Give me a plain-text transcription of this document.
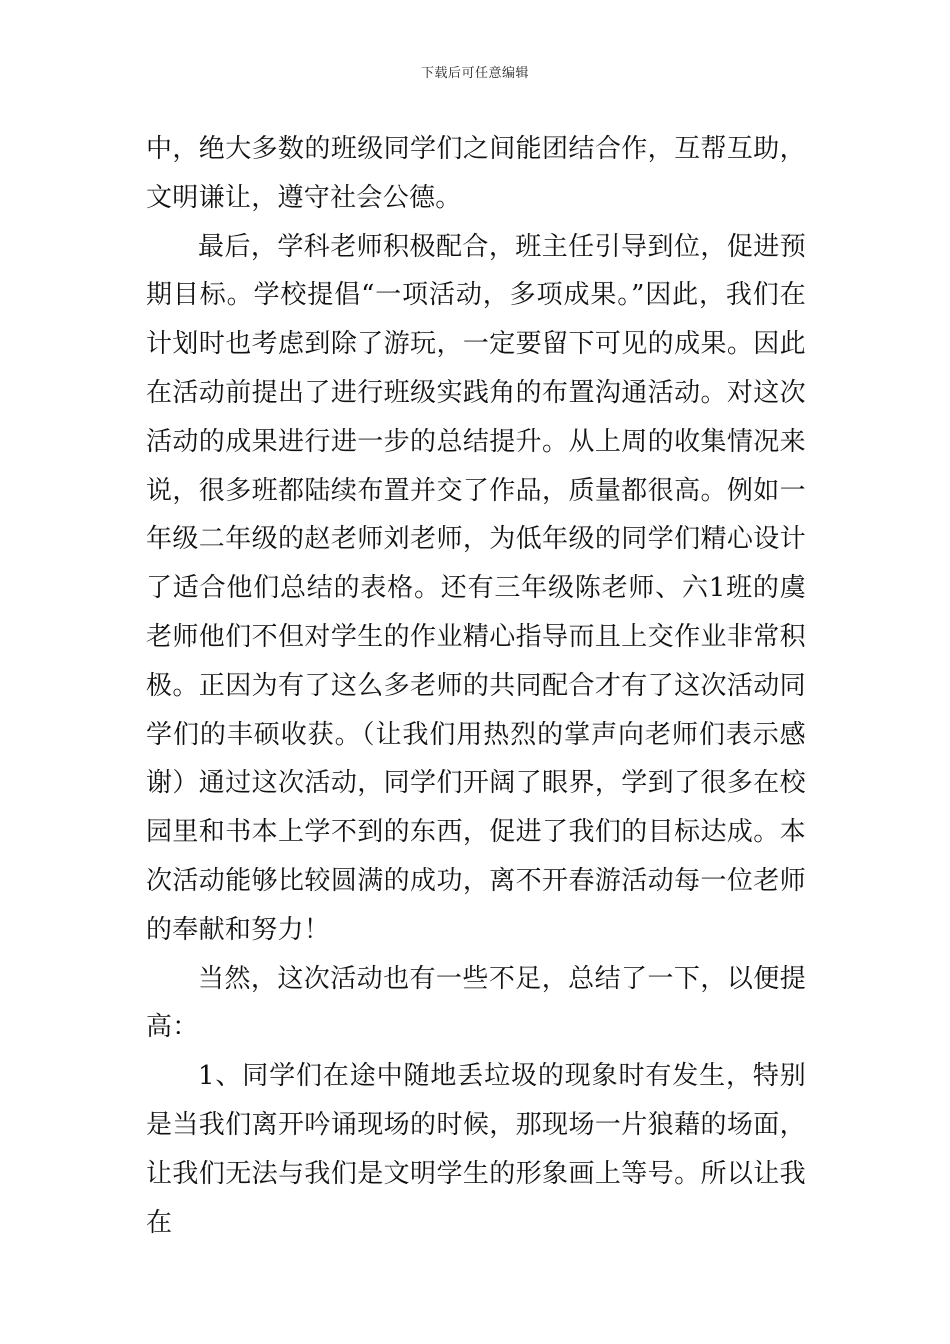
下载后可任意编辑

中，绝大多数的班级同学们之间能团结合作，互帮互助，文明谦让，遵守社会公德。

最后，学科老师积极配合，班主任引导到位，促进预期目标。学校提倡“一项活动，多项成果。”因此，我们在计划时也考虑到除了游玩，一定要留下可见的成果。因此在活动前提出了进行班级实践角的布置沟通活动。对这次活动的成果进行进一步的总结提升。从上周的收集情况来说，很多班都陆续布置并交了作品，质量都很高。例如一年级二年级的赵老师刘老师，为低年级的同学们精心设计了适合他们总结的表格。还有三年级陈老师、六1班的虞老师他们不但对学生的作业精心指导而且上交作业非常积极。正因为有了这么多老师的共同配合才有了这次活动同学们的丰硕收获。（让我们用热烈的掌声向老师们表示感谢）通过这次活动，同学们开阔了眼界，学到了很多在校园里和书本上学不到的东西，促进了我们的目标达成。本次活动能够比较圆满的成功，离不开春游活动每一位老师的奉献和努力！

当然，这次活动也有一些不足，总结了一下，以便提高：

1、同学们在途中随地丢垃圾的现象时有发生，特别是当我们离开吟诵现场的时候，那现场一片狼藉的场面，让我们无法与我们是文明学生的形象画上等号。所以让我在
